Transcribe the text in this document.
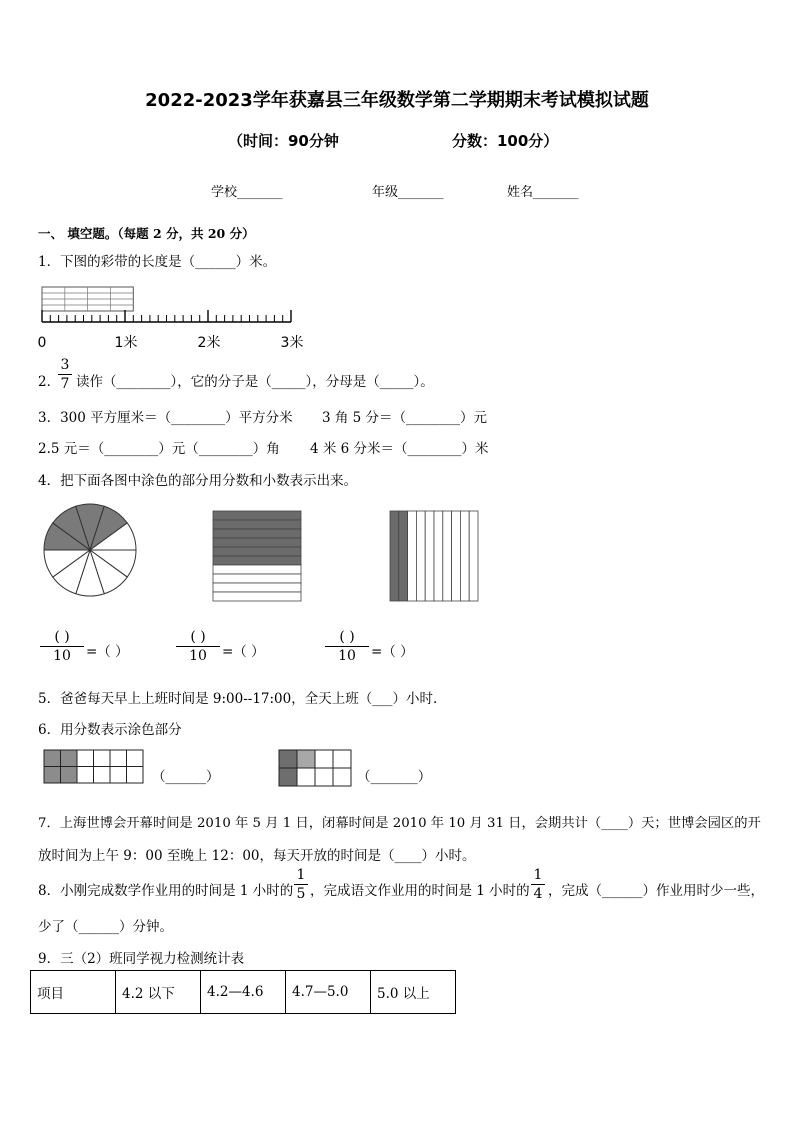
2022-2023学年获嘉县三年级数学第二学期期末考试模拟试题
（时间：90分钟	分数：100分）
学校_______	年级_______	姓名_______
一、 填空题。（每题 2 分，共 20 分）
1．下图的彩带的长度是（______）米。
0	1米	2米	3米
2．
3
7 读作（________），它的分子是（_____），分母是（_____）。
3．300 平方厘米＝（________）平方分米 3 角 5 分＝（________）元
2.5 元＝（________）元（________）角 4 米 6 分米＝（________）米
4．把下面各图中涂色的部分用分数和小数表示出来。
( )
10	=（ ）
( )
10	=（ ）
( )
10	=（ ）
5．爸爸每天早上上班时间是 9:00--17:00，全天上班（___）小时.
6．用分数表示涂色部分
（______）	（_______）
7．上海世博会开幕时间是 2010 年 5 月 1 日，闭幕时间是 2010 年 10 月 31 日，会期共计（____）天；世博会园区的开
放时间为上午 9：00 至晚上 12：00，每天开放的时间是（____）小时。
8．小刚完成数学作业用的时间是 1 小时的
1
5 ，完成语文作业用的时间是 1 小时的
1
4 ，完成（______）作业用时少一些，
少了（______）分钟。
9．三（2）班同学视力检测统计表
项目	4.2 以下	4.2—4.6	4.7—5.0	5.0 以上
